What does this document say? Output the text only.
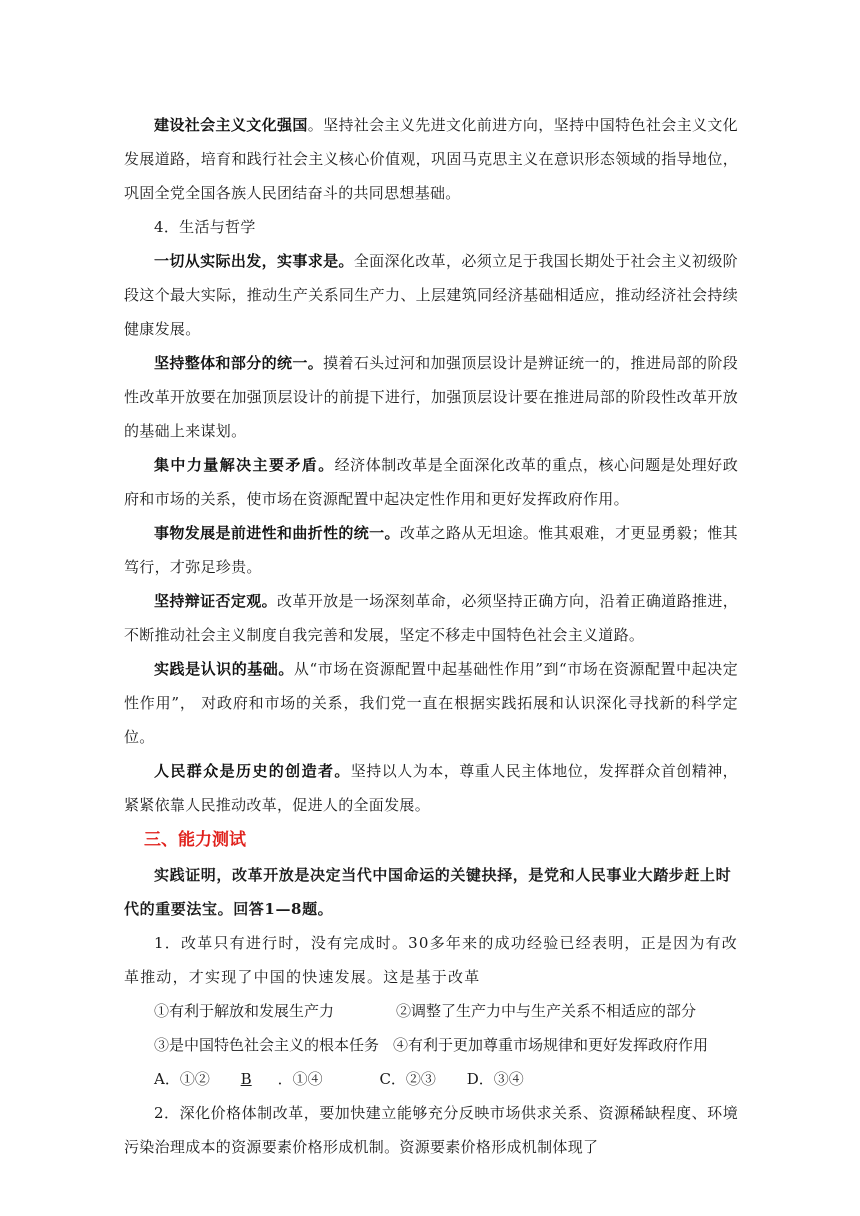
建设社会主义文化强国。坚持社会主义先进文化前进方向，坚持中国特色社会主义文化发展道路，培育和践行社会主义核心价值观，巩固马克思主义在意识形态领域的指导地位，巩固全党全国各族人民团结奋斗的共同思想基础。

4．生活与哲学

一切从实际出发，实事求是。全面深化改革，必须立足于我国长期处于社会主义初级阶段这个最大实际，推动生产关系同生产力、上层建筑同经济基础相适应，推动经济社会持续健康发展。

坚持整体和部分的统一。摸着石头过河和加强顶层设计是辨证统一的，推进局部的阶段性改革开放要在加强顶层设计的前提下进行，加强顶层设计要在推进局部的阶段性改革开放的基础上来谋划。

集中力量解决主要矛盾。经济体制改革是全面深化改革的重点，核心问题是处理好政府和市场的关系，使市场在资源配置中起决定性作用和更好发挥政府作用。

事物发展是前进性和曲折性的统一。改革之路从无坦途。惟其艰难，才更显勇毅；惟其笃行，才弥足珍贵。

坚持辩证否定观。改革开放是一场深刻革命，必须坚持正确方向，沿着正确道路推进，不断推动社会主义制度自我完善和发展，坚定不移走中国特色社会主义道路。

实践是认识的基础。从“市场在资源配置中起基础性作用”到“市场在资源配置中起决定性作用”， 对政府和市场的关系，我们党一直在根据实践拓展和认识深化寻找新的科学定位。

人民群众是历史的创造者。坚持以人为本，尊重人民主体地位，发挥群众首创精神，紧紧依靠人民推动改革，促进人的全面发展。

三、能力测试

实践证明，改革开放是决定当代中国命运的关键抉择，是党和人民事业大踏步赶上时代的重要法宝。回答1—8题。

1．改革只有进行时，没有完成时。30多年来的成功经验已经表明，正是因为有改革推动，才实现了中国的快速发展。这是基于改革

①有利于解放和发展生产力	②调整了生产力中与生产关系不相适应的部分
③是中国特色社会主义的根本任务 ④有利于更加尊重市场规律和更好发挥政府作用
A．①② B ．①④	C．②③ D．③④

2．深化价格体制改革，要加快建立能够充分反映市场供求关系、资源稀缺程度、环境污染治理成本的资源要素价格形成机制。资源要素价格形成机制体现了
